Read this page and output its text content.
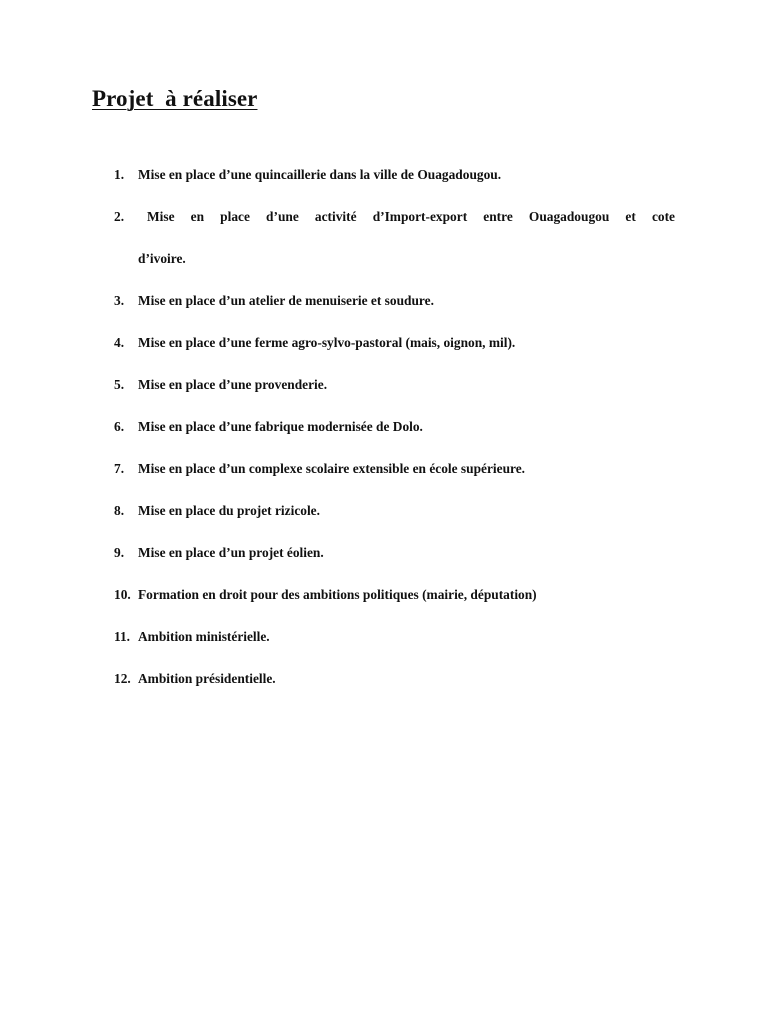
Projet  à réaliser
1. Mise en place d’une quincaillerie dans la ville de Ouagadougou.
2. Mise en place d’une activité d’Import-export entre Ouagadougou et cote
d’ivoire.
3. Mise en place d’un atelier de menuiserie et soudure.
4. Mise en place d’une ferme agro-sylvo-pastoral (mais, oignon, mil).
5. Mise en place d’une provenderie.
6. Mise en place d’une fabrique modernisée de Dolo.
7. Mise en place d’un complexe scolaire extensible en école supérieure.
8. Mise en place du projet rizicole.
9. Mise en place d’un projet éolien.
10. Formation en droit pour des ambitions politiques (mairie, députation)
11. Ambition ministérielle.
12. Ambition présidentielle.
